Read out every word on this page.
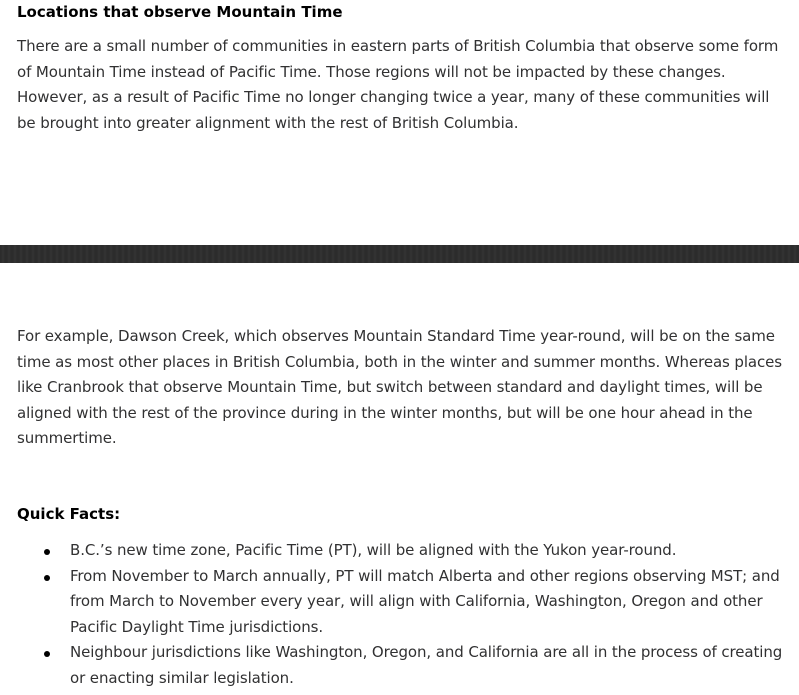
Locations that observe Mountain Time

There are a small number of communities in eastern parts of British Columbia that observe some form of Mountain Time instead of Pacific Time. Those regions will not be impacted by these changes. However, as a result of Pacific Time no longer changing twice a year, many of these communities will be brought into greater alignment with the rest of British Columbia.

For example, Dawson Creek, which observes Mountain Standard Time year-round, will be on the same time as most other places in British Columbia, both in the winter and summer months. Whereas places like Cranbrook that observe Mountain Time, but switch between standard and daylight times, will be aligned with the rest of the province during in the winter months, but will be one hour ahead in the summertime.

Quick Facts:
B.C.’s new time zone, Pacific Time (PT), will be aligned with the Yukon year-round.
From November to March annually, PT will match Alberta and other regions observing MST; and from March to November every year, will align with California, Washington, Oregon and other Pacific Daylight Time jurisdictions.
Neighbour jurisdictions like Washington, Oregon, and California are all in the process of creating or enacting similar legislation.
